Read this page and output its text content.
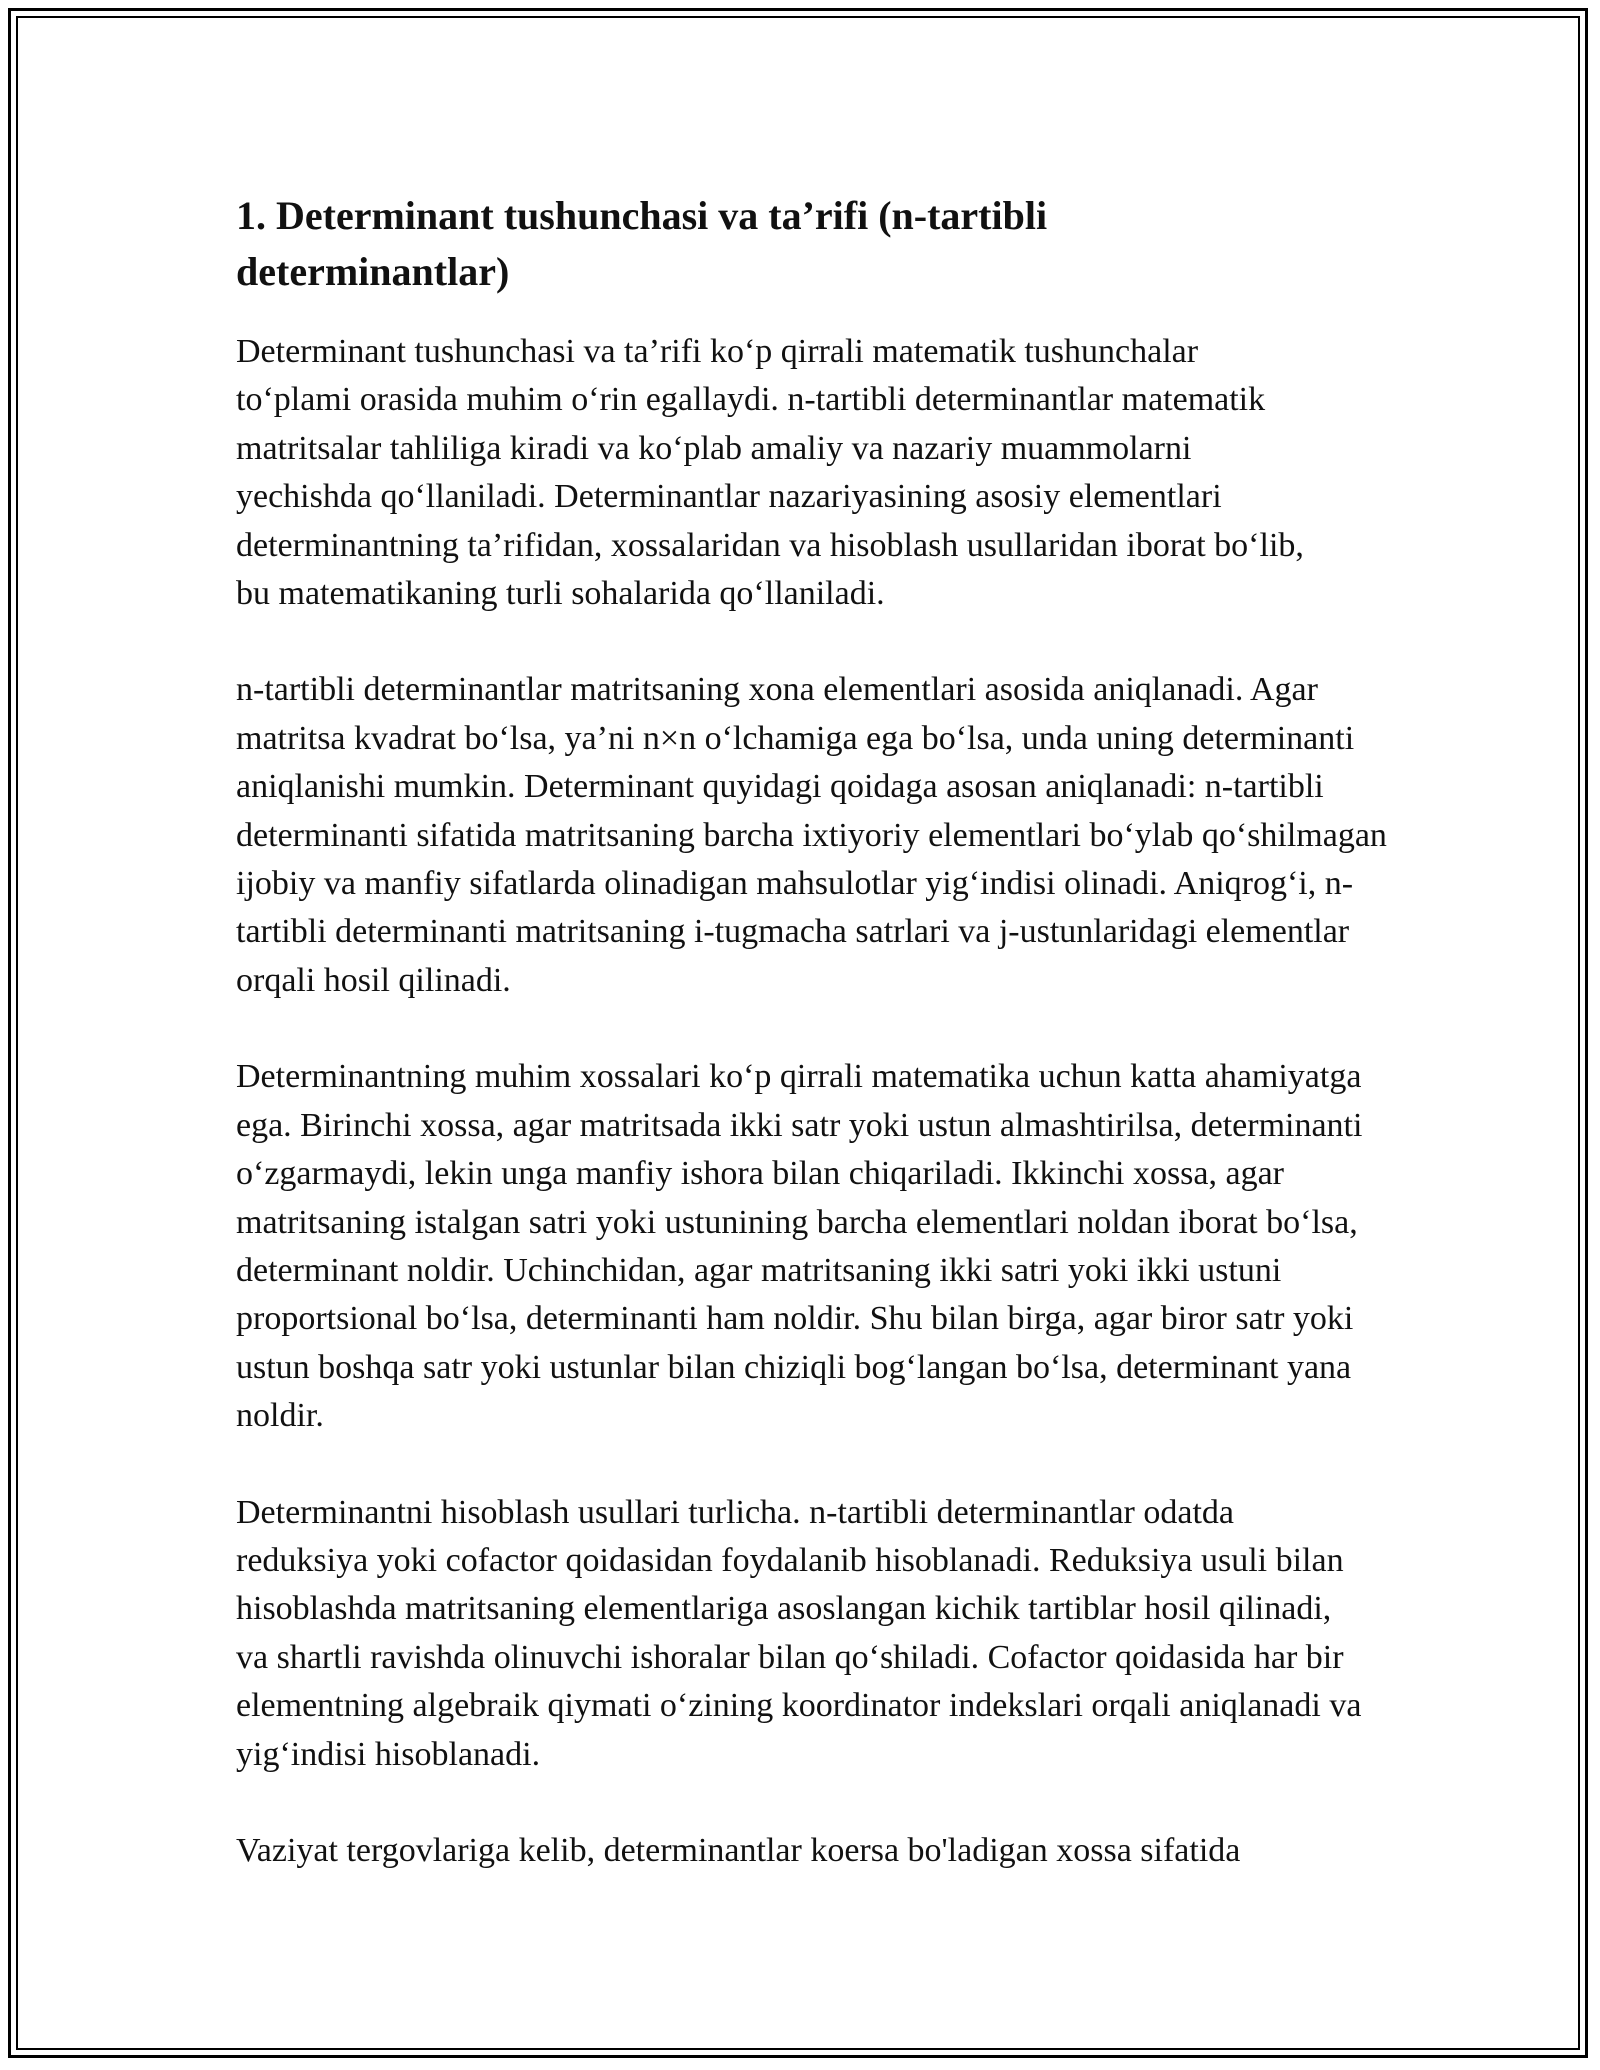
1. Determinant tushunchasi va ta’rifi (n-tartibli determinantlar)

Determinant tushunchasi va ta’rifi ko‘p qirrali matematik tushunchalar to‘plami orasida muhim o‘rin egallaydi. n-tartibli determinantlar matematik matritsalar tahliliga kiradi va ko‘plab amaliy va nazariy muammolarni yechishda qo‘llaniladi. Determinantlar nazariyasining asosiy elementlari determinantning ta’rifidan, xossalaridan va hisoblash usullaridan iborat bo‘lib, bu matematikaning turli sohalarida qo‘llaniladi.

n-tartibli determinantlar matritsaning xona elementlari asosida aniqlanadi. Agar matritsa kvadrat bo‘lsa, ya’ni n×n o‘lchamiga ega bo‘lsa, unda uning determinanti aniqlanishi mumkin. Determinant quyidagi qoidaga asosan aniqlanadi: n-tartibli determinanti sifatida matritsaning barcha ixtiyoriy elementlari bo‘ylab qo‘shilmagan ijobiy va manfiy sifatlarda olinadigan mahsulotlar yig‘indisi olinadi. Aniqrog‘i, n-tartibli determinanti matritsaning i-tugmacha satrlari va j-ustunlaridagi elementlar orqali hosil qilinadi.

Determinantning muhim xossalari ko‘p qirrali matematika uchun katta ahamiyatga ega. Birinchi xossa, agar matritsada ikki satr yoki ustun almashtirilsa, determinanti o‘zgarmaydi, lekin unga manfiy ishora bilan chiqariladi. Ikkinchi xossa, agar matritsaning istalgan satri yoki ustunining barcha elementlari noldan iborat bo‘lsa, determinant noldir. Uchinchidan, agar matritsaning ikki satri yoki ikki ustuni proportsional bo‘lsa, determinanti ham noldir. Shu bilan birga, agar biror satr yoki ustun boshqa satr yoki ustunlar bilan chiziqli bog‘langan bo‘lsa, determinant yana noldir.

Determinantni hisoblash usullari turlicha. n-tartibli determinantlar odatda reduksiya yoki cofactor qoidasidan foydalanib hisoblanadi. Reduksiya usuli bilan hisoblashda matritsaning elementlariga asoslangan kichik tartiblar hosil qilinadi, va shartli ravishda olinuvchi ishoralar bilan qo‘shiladi. Cofactor qoidasida har bir elementning algebraik qiymati o‘zining koordinator indekslari orqali aniqlanadi va yig‘indisi hisoblanadi.

Vaziyat tergovlariga kelib, determinantlar koersa bo'ladigan xossa sifatida
